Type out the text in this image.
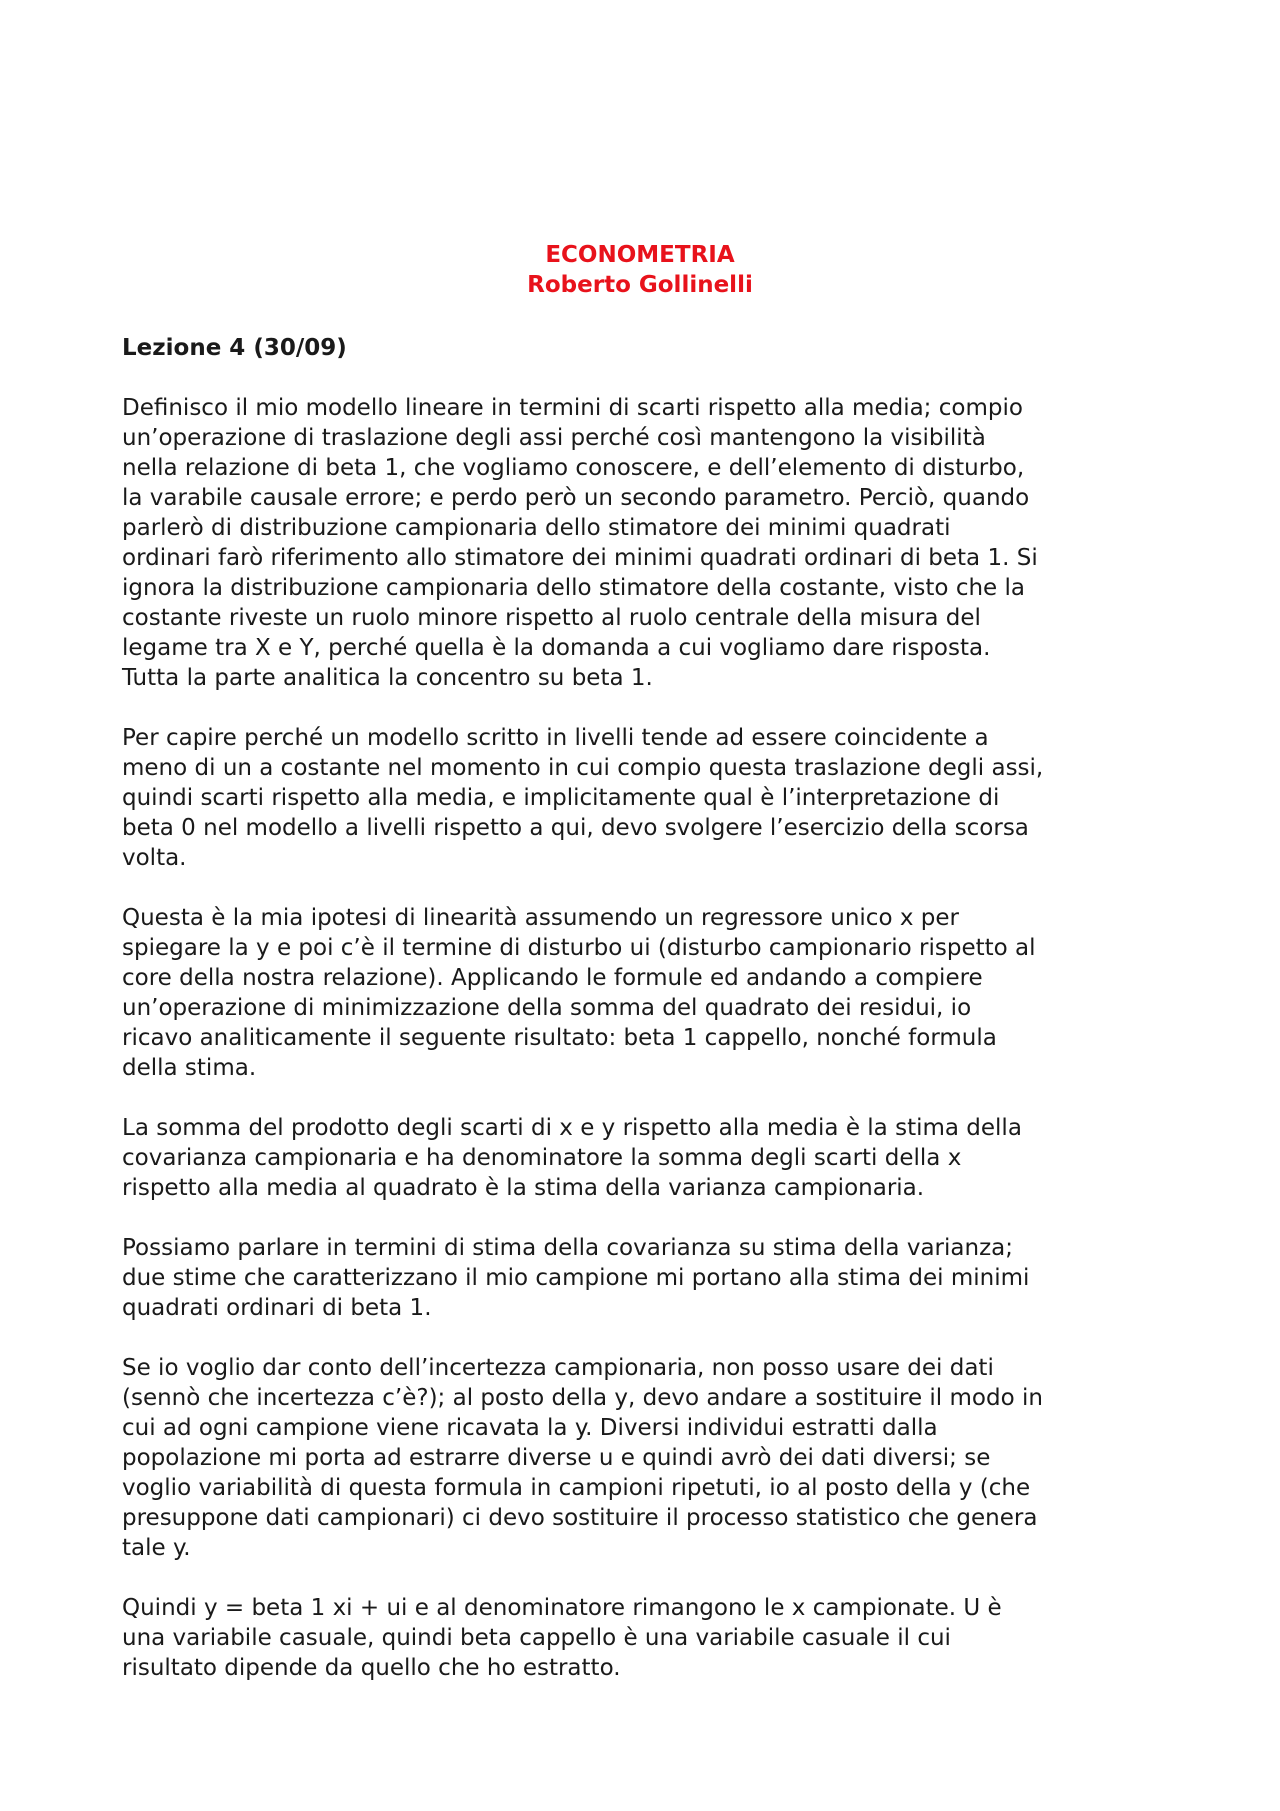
ECONOMETRIA
Roberto Gollinelli
Lezione 4 (30/09)
Definisco il mio modello lineare in termini di scarti rispetto alla media; compio
un’operazione di traslazione degli assi perché così mantengono la visibilità
nella relazione di beta 1, che vogliamo conoscere, e dell’elemento di disturbo,
la varabile causale errore; e perdo però un secondo parametro. Perciò, quando
parlerò di distribuzione campionaria dello stimatore dei minimi quadrati
ordinari farò riferimento allo stimatore dei minimi quadrati ordinari di beta 1. Si
ignora la distribuzione campionaria dello stimatore della costante, visto che la
costante riveste un ruolo minore rispetto al ruolo centrale della misura del
legame tra X e Y, perché quella è la domanda a cui vogliamo dare risposta.
Tutta la parte analitica la concentro su beta 1.
Per capire perché un modello scritto in livelli tende ad essere coincidente a
meno di un a costante nel momento in cui compio questa traslazione degli assi,
quindi scarti rispetto alla media, e implicitamente qual è l’interpretazione di
beta 0 nel modello a livelli rispetto a qui, devo svolgere l’esercizio della scorsa
volta.
Questa è la mia ipotesi di linearità assumendo un regressore unico x per
spiegare la y e poi c’è il termine di disturbo ui (disturbo campionario rispetto al
core della nostra relazione). Applicando le formule ed andando a compiere
un’operazione di minimizzazione della somma del quadrato dei residui, io
ricavo analiticamente il seguente risultato: beta 1 cappello, nonché formula
della stima.
La somma del prodotto degli scarti di x e y rispetto alla media è la stima della
covarianza campionaria e ha denominatore la somma degli scarti della x
rispetto alla media al quadrato è la stima della varianza campionaria.
Possiamo parlare in termini di stima della covarianza su stima della varianza;
due stime che caratterizzano il mio campione mi portano alla stima dei minimi
quadrati ordinari di beta 1.
Se io voglio dar conto dell’incertezza campionaria, non posso usare dei dati
(sennò che incertezza c’è?); al posto della y, devo andare a sostituire il modo in
cui ad ogni campione viene ricavata la y. Diversi individui estratti dalla
popolazione mi porta ad estrarre diverse u e quindi avrò dei dati diversi; se
voglio variabilità di questa formula in campioni ripetuti, io al posto della y (che
presuppone dati campionari) ci devo sostituire il processo statistico che genera
tale y.
Quindi y = beta 1 xi + ui e al denominatore rimangono le x campionate. U è
una variabile casuale, quindi beta cappello è una variabile casuale il cui
risultato dipende da quello che ho estratto.
